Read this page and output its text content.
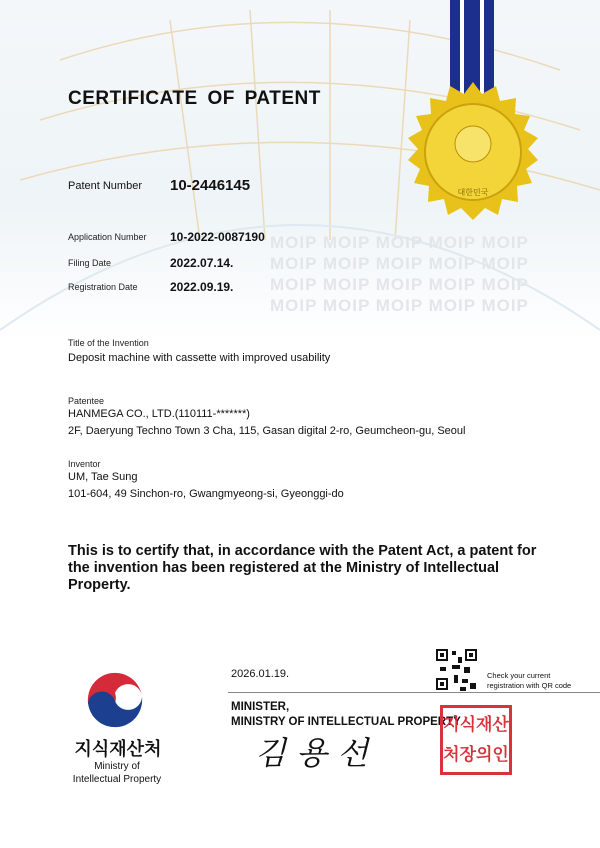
MOIP MOIP MOIP MOIP MOIP
MOIP MOIP MOIP MOIP MOIP
MOIP MOIP MOIP MOIP MOIP
MOIP MOIP MOIP MOIP MOIP
대한민국
CERTIFICATE OF PATENT
Patent Number 10-2446145
Application Number 10-2022-0087190
Filing Date	2022.07.14.
Registration Date	2022.09.19.
Title of the Invention
Deposit machine with cassette with improved usability
Patentee
HANMEGA CO., LTD.(110111-*******)
2F, Daeryung Techno Town 3 Cha, 115, Gasan digital 2-ro, Geumcheon-gu, Seoul
Inventor
UM, Tae Sung
101-604, 49 Sinchon-ro, Gwangmyeong-si, Gyeonggi-do
This is to certify that, in accordance with the Patent Act, a patent for the invention has been registered at the Ministry of Intellectual Property.
지식재산처
Ministry of
Intellectual Property
2026.01.19.	Check your current
registration with QR code
MINISTER,
MINISTRY OF INTELLECTUAL PROPERTY
김 용 선
지식재산
처장의인
